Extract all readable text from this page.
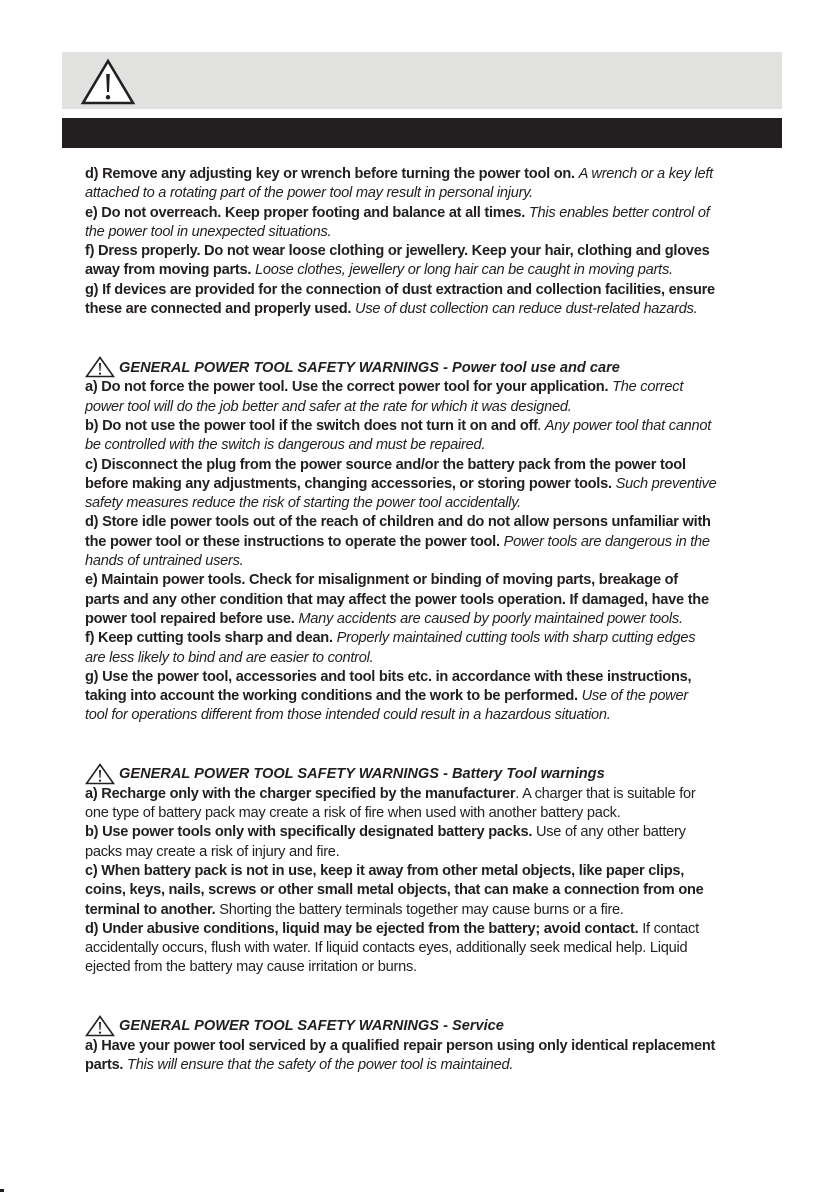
d) Remove any adjusting key or wrench before turning the power tool on. A wrench or a key left
attached to a rotating part of the power tool may result in personal injury.
e) Do not overreach. Keep proper footing and balance at all times. This enables better control of
the power tool in unexpected situations.
f) Dress properly. Do not wear loose clothing or jewellery. Keep your hair, clothing and gloves
away from moving parts. Loose clothes, jewellery or long hair can be caught in moving parts.
g) If devices are provided for the connection of dust extraction and collection facilities, ensure
these are connected and properly used. Use of dust collection can reduce dust-related hazards.
GENERAL POWER TOOL SAFETY WARNINGS - Power tool use and care
a) Do not force the power tool. Use the correct power tool for your application. The correct
power tool will do the job better and safer at the rate for which it was designed.
b) Do not use the power tool if the switch does not turn it on and off. Any power tool that cannot
be controlled with the switch is dangerous and must be repaired.
c) Disconnect the plug from the power source and/or the battery pack from the power tool
before making any adjustments, changing accessories, or storing power tools. Such preventive
safety measures reduce the risk of starting the power tool accidentally.
d) Store idle power tools out of the reach of children and do not allow persons unfamiliar with
the power tool or these instructions to operate the power tool. Power tools are dangerous in the
hands of untrained users.
e) Maintain power tools. Check for misalignment or binding of moving parts, breakage of
parts and any other condition that may affect the power tools operation. If damaged, have the
power tool repaired before use. Many accidents are caused by poorly maintained power tools.
f) Keep cutting tools sharp and dean. Properly maintained cutting tools with sharp cutting edges
are less likely to bind and are easier to control.
g) Use the power tool, accessories and tool bits etc. in accordance with these instructions,
taking into account the working conditions and the work to be performed. Use of the power
tool for operations different from those intended could result in a hazardous situation.
GENERAL POWER TOOL SAFETY WARNINGS - Battery Tool warnings
a) Recharge only with the charger specified by the manufacturer. A charger that is suitable for
one type of battery pack may create a risk of fire when used with another battery pack.
b) Use power tools only with specifically designated battery packs. Use of any other battery
packs may create a risk of injury and fire.
c) When battery pack is not in use, keep it away from other metal objects, like paper clips,
coins, keys, nails, screws or other small metal objects, that can make a connection from one
terminal to another. Shorting the battery terminals together may cause burns or a fire.
d) Under abusive conditions, liquid may be ejected from the battery; avoid contact. If contact
accidentally occurs, flush with water. If liquid contacts eyes, additionally seek medical help. Liquid
ejected from the battery may cause irritation or burns.
GENERAL POWER TOOL SAFETY WARNINGS - Service
a) Have your power tool serviced by a qualified repair person using only identical replacement
parts. This will ensure that the safety of the power tool is maintained.
